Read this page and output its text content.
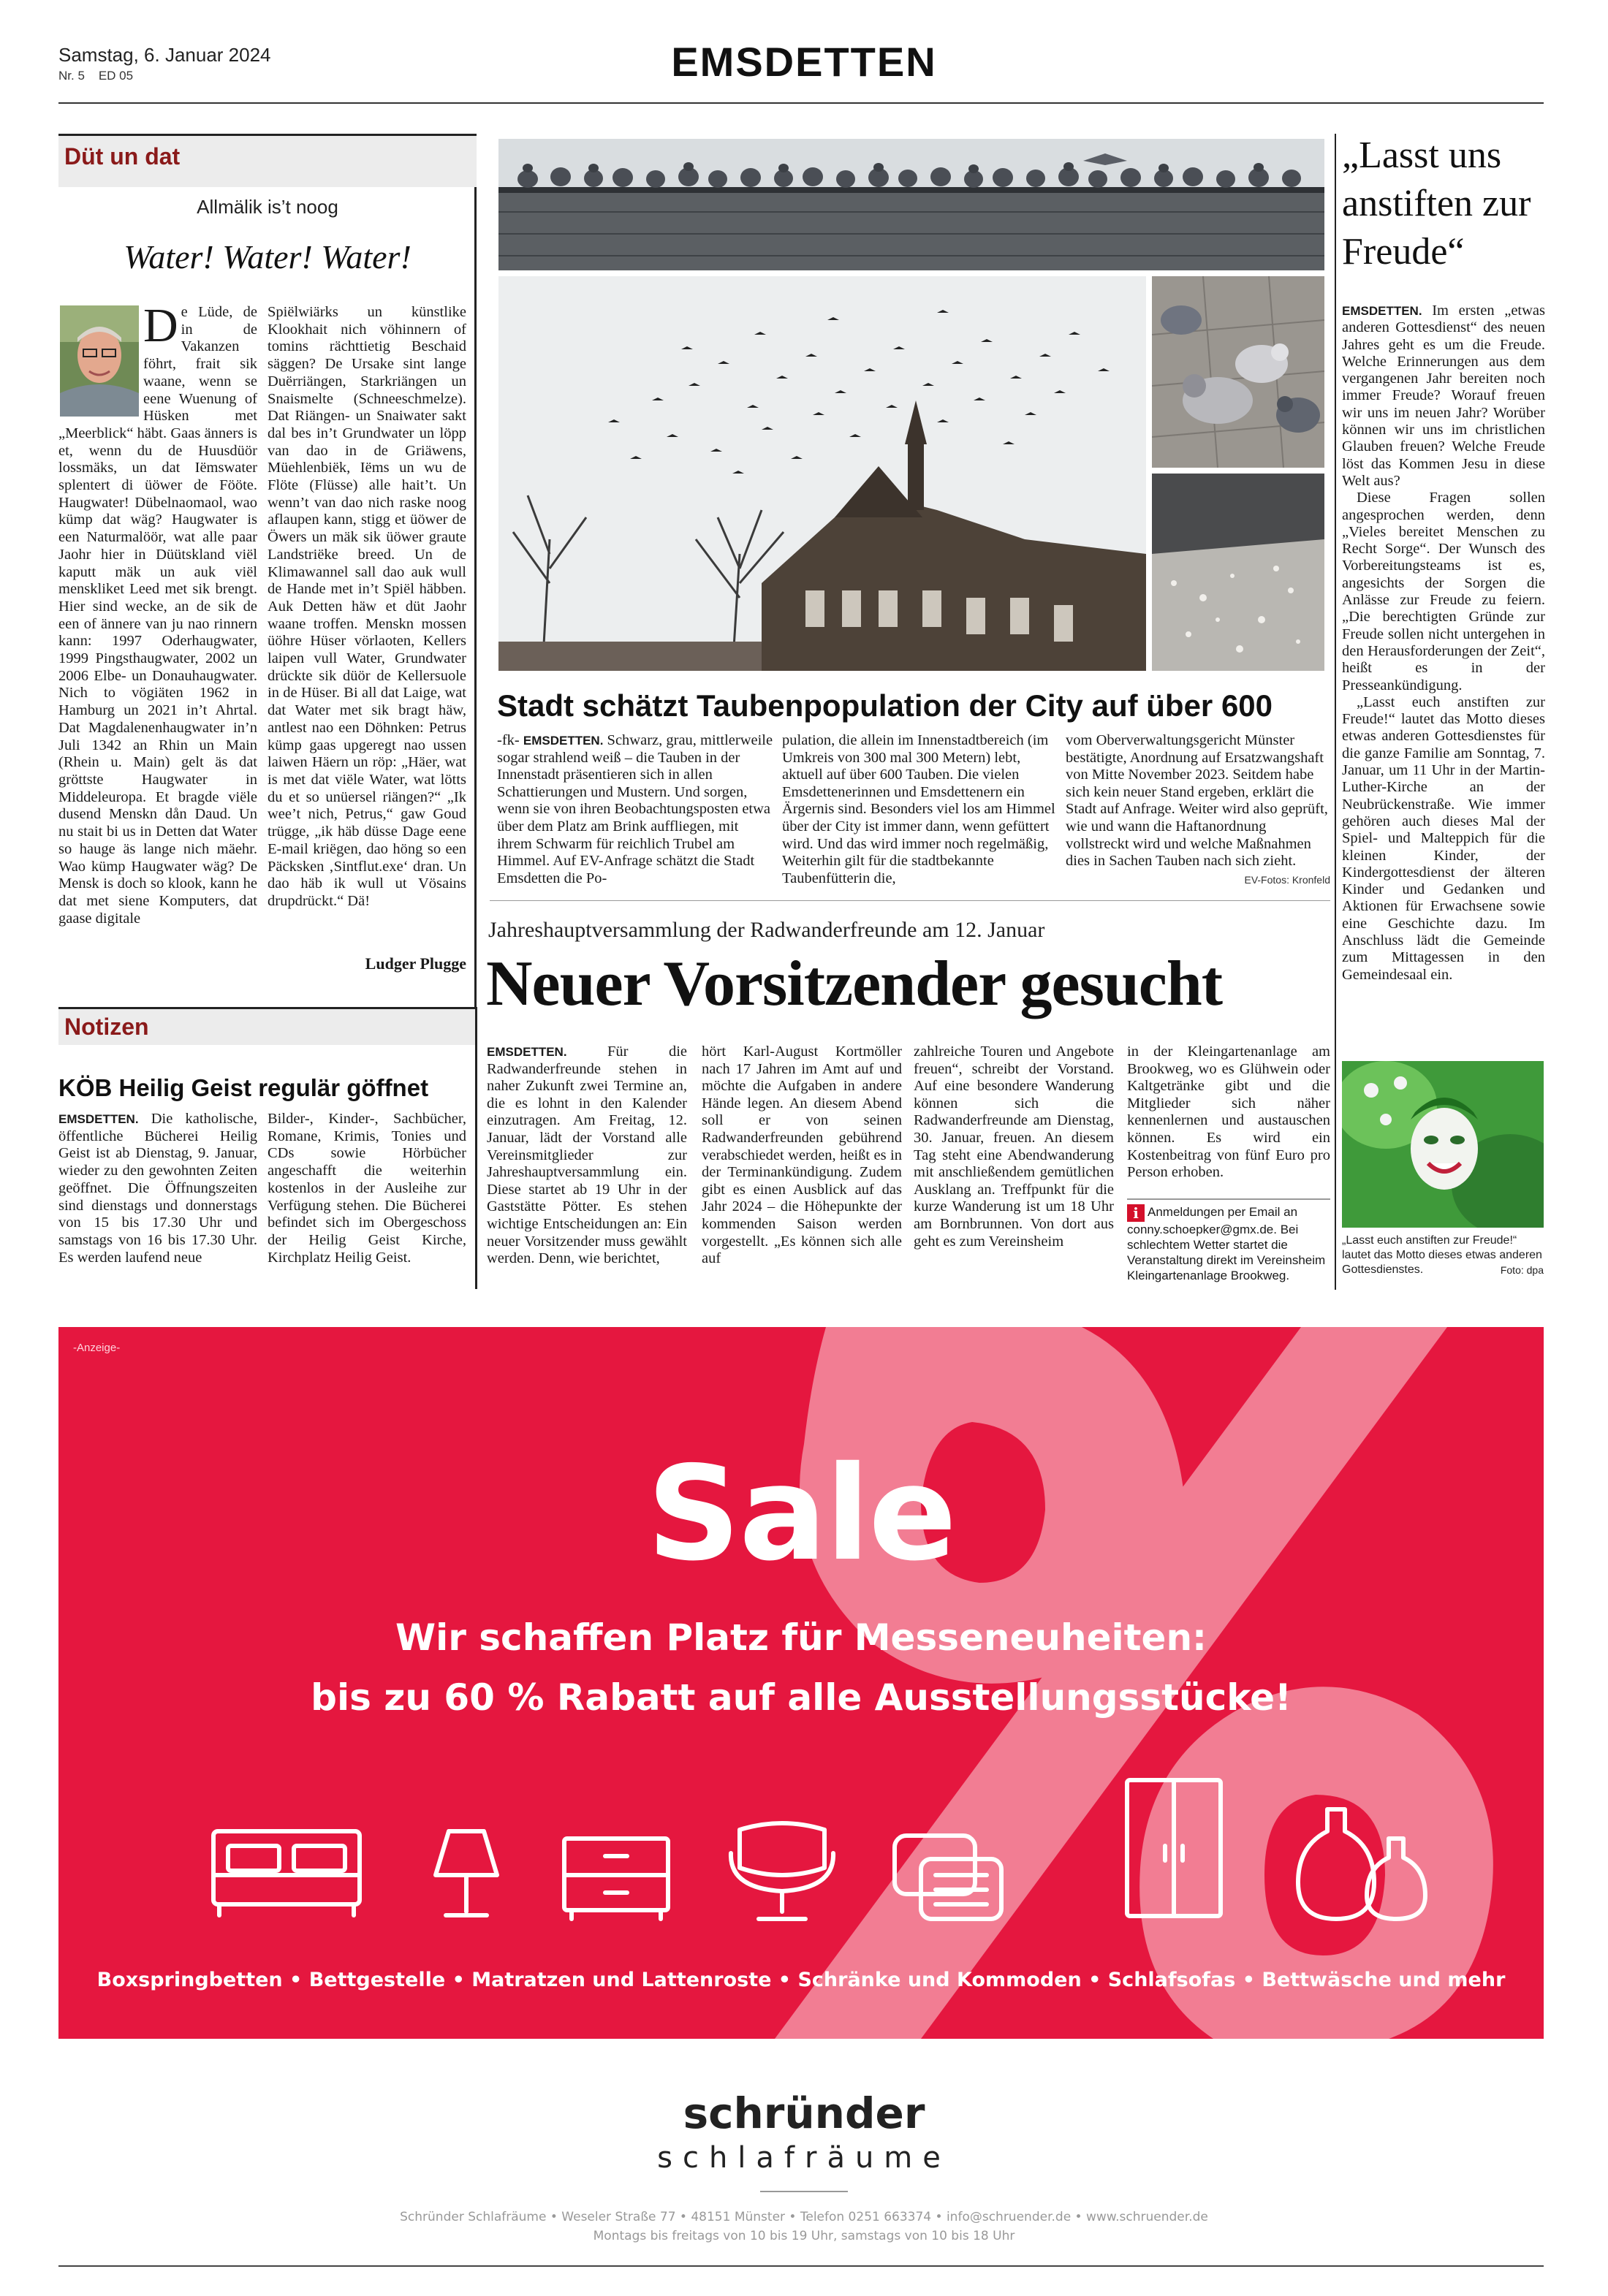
Samstag, 6. Januar 2024
Nr. 5 ED 05	EMSDETTEN
Düt un dat
Allmälik is’t noog
Water! Water! Water!
De Lüde, de in de Vakanzen föhrt, frait sik waane, wenn se eene Wuenung of Hüsken met „Meerblick“ häbt. Gaas änners is et, wenn du de Huusdüör lossmäks, un dat Iëmswater splentert di üöwer de Fööte. Haugwater! Dübelnaomaol, wao kümp dat wäg? Haugwater is een Naturmalöör, wat alle paar Jaohr hier in Düütskland viël kaputt mäk un auk viël menskliket Leed met sik brengt. Hier sind wecke, an de sik de een of ännere van ju nao rinnern kann: 1997 Oderhaugwater, 1999 Pingsthaugwater, 2002 un 2006 Elbe- un Donauhaugwater. Nich to vögiäten 1962 in Hamburg un 2021 in’t Ahrtal. Dat Magdalenenhaugwater in’n Juli 1342 an Rhin un Main (Rhein u. Main) gelt äs dat gröttste Haugwater in Middeleuropa. Et bragde viële dusend Menskn dån Daud. Un nu stait bi us in Detten dat Water so hauge äs lange nich mäehr. Wao kümp Haugwater wäg? De Mensk is doch so klook, kann he dat met siene Komputers, dat gaase digitale
Spiëlwiärks un künstlike Klookhait nich vöhinnern of tomins rächttietig Beschaid säggen? De Ursake sint lange Duërriängen, Starkriängen un Snaismelte (Schneeschmelze). Dat Riängen- un Snaiwater sakt dal bes in’t Grundwater un löpp van dao in de Griäwens, Müehlenbiëk, Iëms un wu de Flöte (Flüsse) alle hait’t. Un wenn’t van dao nich raske noog aflaupen kann, stigg et üöwer de Öwers un mäk sik üöwer graute Landstriëke breed. Un de Klimawannel sall dao auk wull de Hande met in’t Spiël häbben. Auk Detten häw et düt Jaohr waane troffen. Menskn mossen üöhre Hüser vörlaoten, Kellers laipen vull Water, Grundwater drückte sik düör de Kellersuole in de Hüser. Bi all dat Laige, wat dat Water met sik bragt häw, antlest nao een Döhnken: Petrus kümp gaas upgeregt nao ussen laiwen Häern un röp: „Häer, wat is met dat viële Water, wat lötts du et so unüersel riängen?“ „Ik wee’t nich, Petrus,“ gaw Goud trügge, „ik häb düsse Dage eene E-mail kriëgen, dao höng so een Päcksken ‚Sintflut.exe‘ dran. Un dao häb ik wull ut Vösains drupdrückt.“ Dä!
Ludger Plugge
Notizen
KÖB Heilig Geist regulär göffnet
EMSDETTEN. Die katholische, öffentliche Bücherei Heilig Geist ist ab Dienstag, 9. Januar, wieder zu den gewohnten Zeiten geöffnet. Die Öffnungszeiten sind dienstags und donnerstags von 15 bis 17.30 Uhr und samstags von 16 bis 17.30 Uhr. Es werden laufend neue
Bilder-, Kinder-, Sachbücher, Romane, Krimis, Tonies und CDs sowie Hörbücher angeschafft die weiterhin kostenlos in der Ausleihe zur Verfügung stehen. Die Bücherei befindet sich im Obergeschoss der Heilig Geist Kirche, Kirchplatz Heilig Geist.
Stadt schätzt Taubenpopulation der City auf über 600
-fk- EMSDETTEN. Schwarz, grau, mittlerweile sogar strahlend weiß – die Tauben in der Innenstadt präsentieren sich in allen Schattierungen und Mustern. Und sorgen, wenn sie von ihren Beobachtungsposten etwa über dem Platz am Brink auffliegen, mit ihrem Schwarm für reichlich Trubel am Himmel. Auf EV-Anfrage schätzt die Stadt Emsdetten die Po-
pulation, die allein im Innenstadtbereich (im Umkreis von 300 mal 300 Metern) lebt, aktuell auf über 600 Tauben. Die vielen Emsdettenerinnen und Emsdettenern ein Ärgernis sind. Besonders viel los am Himmel über der City ist immer dann, wenn gefüttert wird. Und das wird immer noch regelmäßig, Weiterhin gilt für die stadtbekannte Taubenfütterin die,
vom Oberverwaltungsgericht Münster bestätigte, Anordnung auf Ersatzwangshaft von Mitte November 2023. Seitdem habe sich kein neuer Stand ergeben, erklärt die Stadt auf Anfrage. Weiter wird also geprüft, wie und wann die Haftanordnung vollstreckt wird und welche Maßnahmen dies in Sachen Tauben nach sich zieht.
EV-Fotos: Kronfeld
Jahreshauptversammlung der Radwanderfreunde am 12. Januar
Neuer Vorsitzender gesucht
EMSDETTEN.	Für die Radwanderfreunde stehen in naher Zukunft zwei Termine an, die es lohnt in den Kalender einzutragen. Am Freitag, 12. Januar, lädt der Vorstand alle Vereinsmitglieder zur Jahreshauptversammlung ein. Diese startet ab 19 Uhr in der Gaststätte Pötter. Es stehen wichtige Entscheidungen an: Ein neuer Vorsitzender muss gewählt werden. Denn, wie berichtet,
hört Karl-August Kortmöller nach 17 Jahren im Amt auf und möchte die Aufgaben in andere Hände legen. An diesem Abend soll er von seinen Radwanderfreunden gebührend verabschiedet werden, heißt es in der Terminankündigung. Zudem gibt es einen Ausblick auf das Jahr 2024 – die Höhepunkte der kommenden Saison werden vorgestellt. „Es können sich alle auf
zahlreiche Touren und Angebote freuen“, schreibt der Vorstand. Auf eine besondere Wanderung können sich die Radwanderfreunde am Dienstag, 30. Januar, freuen. An diesem Tag steht eine Abendwanderung mit anschließendem gemütlichen Ausklang an. Treffpunkt für die kurze Wanderung ist um 18 Uhr am Bornbrunnen. Von dort aus geht es zum Vereinsheim
in der Kleingartenanlage am Brookweg, wo es Glühwein oder Kaltgetränke gibt und die Mitglieder sich näher kennenlernen und austauschen können. Es wird ein Kostenbeitrag von fünf Euro pro Person erhoben.
i Anmeldungen per Email an conny.schoepker@gmx.de. Bei schlechtem Wetter startet die Veranstaltung direkt im Vereinsheim Kleingartenanlage Brookweg.
„Lasst uns anstiften zur Freude“

EMSDETTEN. Im ersten „etwas anderen Gottesdienst“ des neuen Jahres geht es um die Freude. Welche Erinnerungen aus dem vergangenen Jahr bereiten noch immer Freude? Worauf freuen wir uns im neuen Jahr? Worüber können wir uns im christlichen Glauben freuen? Welche Freude löst das Kommen Jesu in diese Welt aus?

Diese Fragen sollen angesprochen werden, denn „Vieles bereitet Menschen zu Recht Sorge“. Der Wunsch des Vorbereitungsteams ist es, angesichts der Sorgen die Anlässe zur Freude zu feiern. „Die berechtigten Gründe zur Freude sollen nicht untergehen in den Herausforderungen der Zeit“, heißt es in der Presseankündigung.

„Lasst euch anstiften zur Freude!“ lautet das Motto dieses etwas anderen Gottesdienstes für die ganze Familie am Sonntag, 7. Januar, um 11 Uhr in der Martin-Luther-Kirche an der Neubrückenstraße. Wie immer gehören auch dieses Mal der Spiel- und Malteppich für die kleinen Kinder, der Kindergottesdienst der älteren Kinder und Gedanken und Aktionen für Erwachsene sowie eine Geschichte dazu. Im Anschluss lädt die Gemeinde zum Mittagessen in den Gemeindesaal ein.

„Lasst euch anstiften zur Freude!“ lautet das Motto dieses etwas anderen Gottesdienstes.	Foto: dpa
-Anzeige-
Sale
Wir schaffen Platz für Messeneuheiten:
bis zu 60 % Rabatt auf alle Ausstellungsstücke!
Boxspringbetten • Bettgestelle • Matratzen und Lattenroste • Schränke und Kommoden • Schlafsofas • Bettwäsche und mehr
schründer
schlafräume
Schründer Schlafräume • Weseler Straße 77 • 48151 Münster • Telefon 0251 663374 • info@schruender.de • www.schruender.de
Montags bis freitags von 10 bis 19 Uhr, samstags von 10 bis 18 Uhr
